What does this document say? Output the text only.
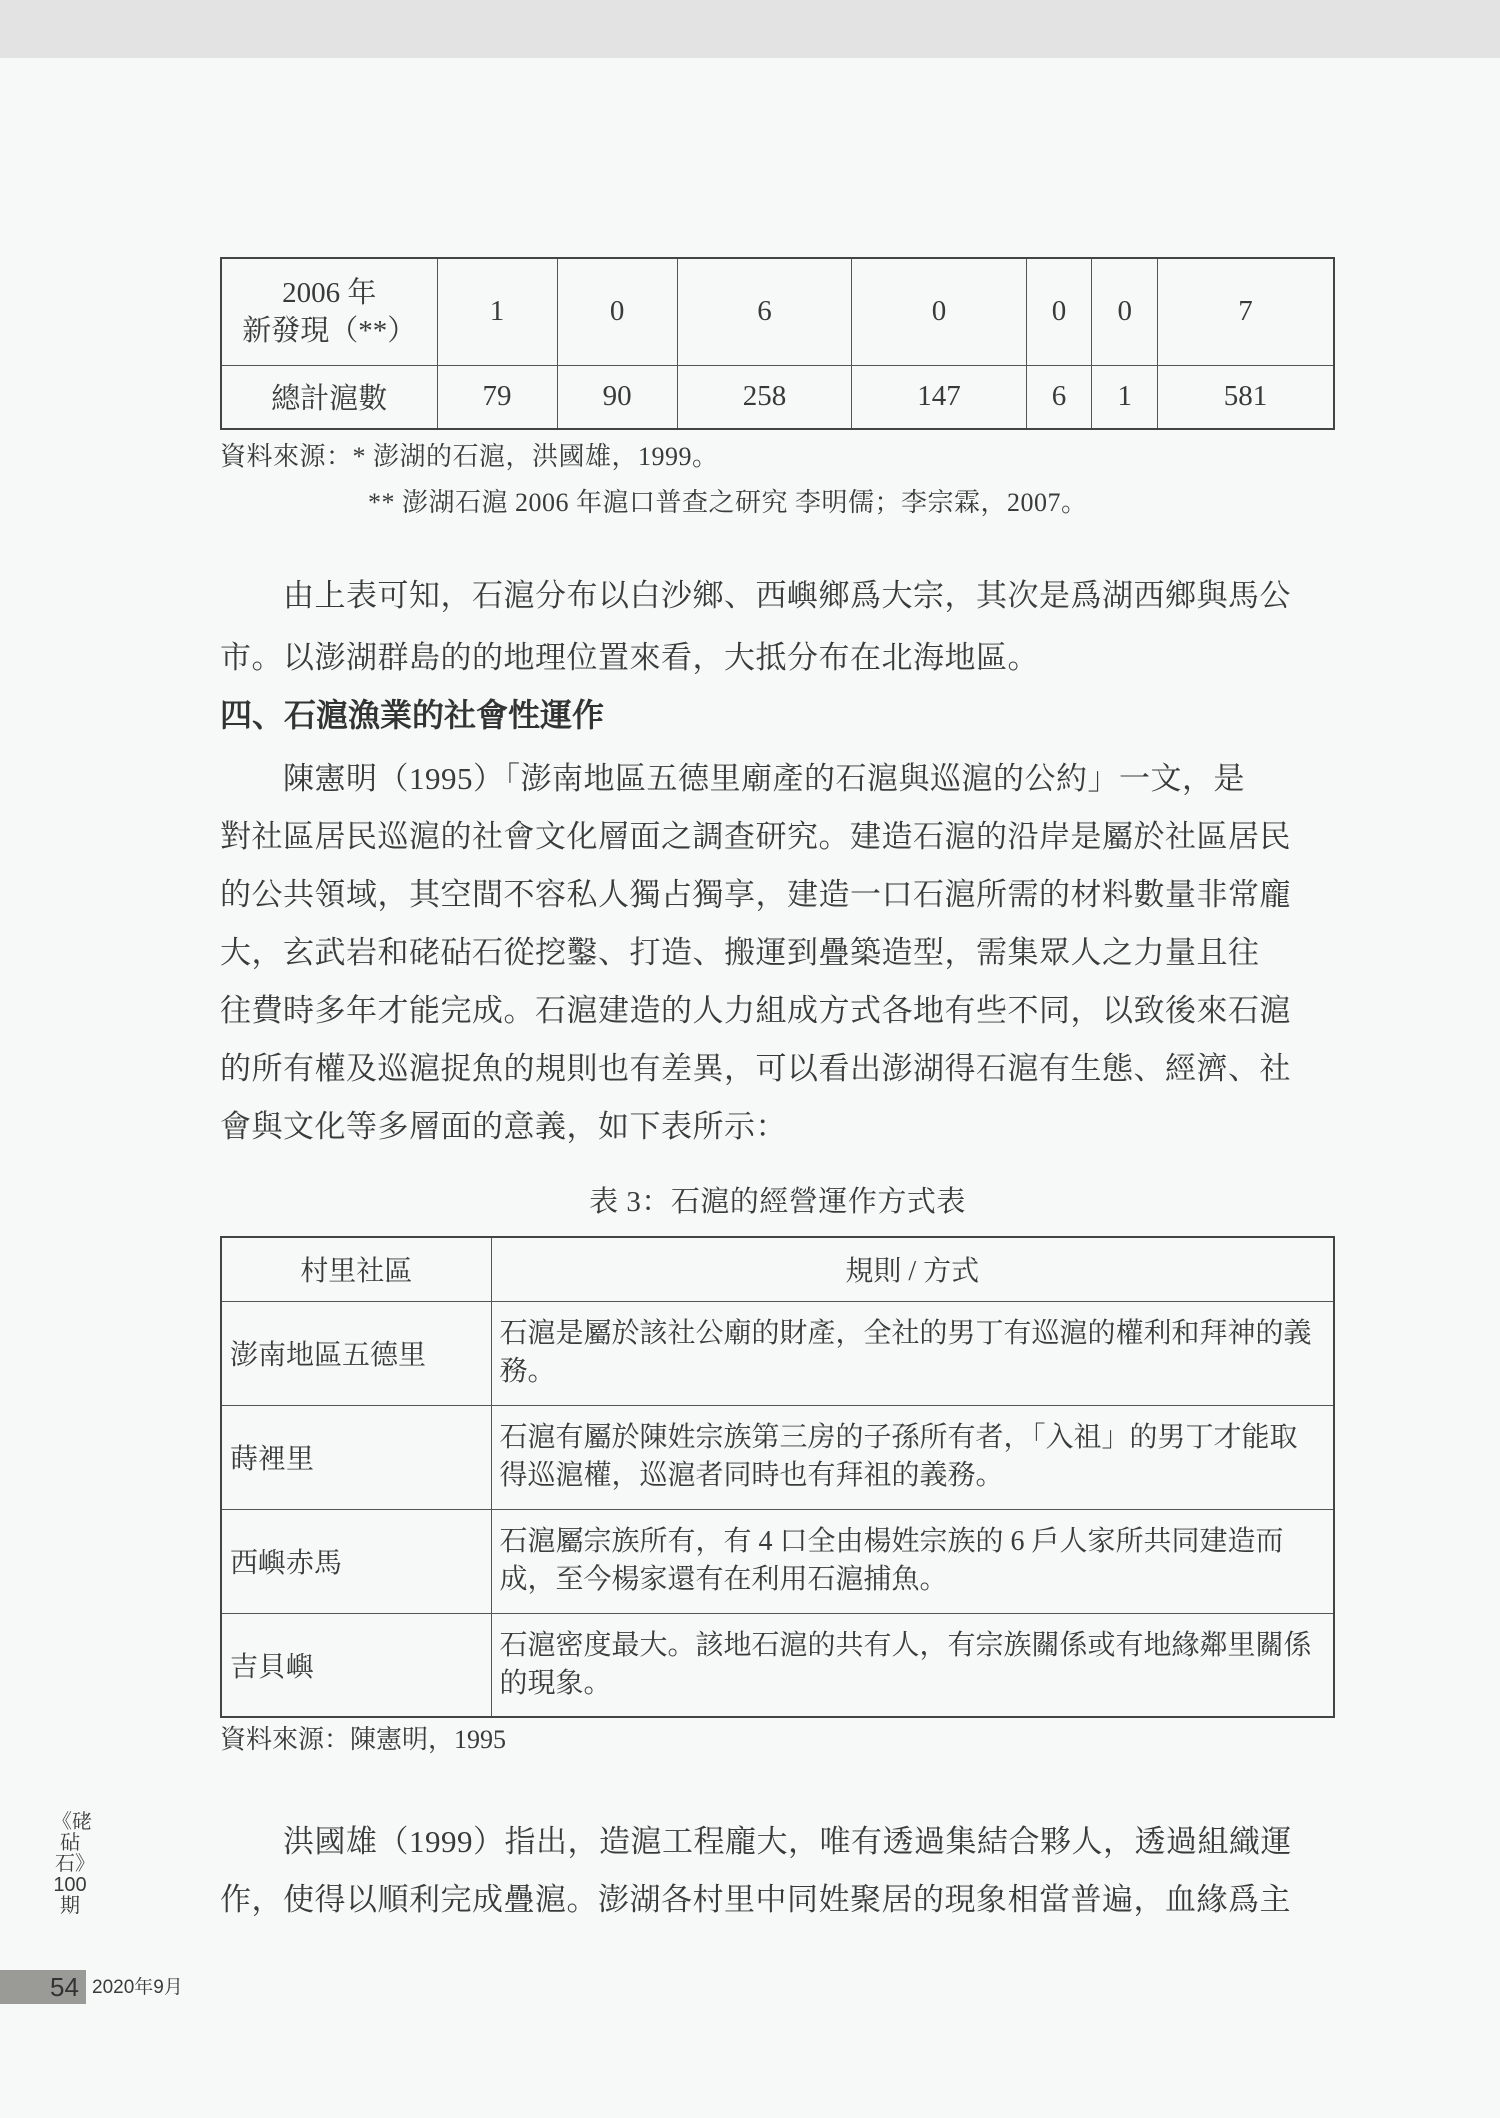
2006 年
新發現（**）	1	0	6	0	0	0	7
總計滬數	79	90	258	147	6	1	581
資料來源：* 澎湖的石滬，洪國雄，1999。
** 澎湖石滬 2006 年滬口普查之研究 李明儒；李宗霖，2007。
由上表可知，石滬分布以白沙鄉、西嶼鄉爲大宗，其次是爲湖西鄉與馬公
市。以澎湖群島的的地理位置來看，大抵分布在北海地區。
四、石滬漁業的社會性運作
陳憲明（1995）「澎南地區五德里廟產的石滬與巡滬的公約」一文，是
對社區居民巡滬的社會文化層面之調查研究。建造石滬的沿岸是屬於社區居民
的公共領域，其空間不容私人獨占獨享，建造一口石滬所需的材料數量非常龐
大，玄武岩和硓砧石從挖鑿、打造、搬運到疊築造型，需集眾人之力量且往
往費時多年才能完成。石滬建造的人力組成方式各地有些不同，以致後來石滬
的所有權及巡滬捉魚的規則也有差異，可以看出澎湖得石滬有生態、經濟、社
會與文化等多層面的意義，如下表所示：
表 3：石滬的經營運作方式表
村里社區	規則 / 方式
澎南地區五德里	石滬是屬於該社公廟的財產，全社的男丁有巡滬的權利和拜神的義務。
蒔裡里	石滬有屬於陳姓宗族第三房的子孫所有者，「入祖」的男丁才能取得巡滬權，巡滬者同時也有拜祖的義務。
西嶼赤馬	石滬屬宗族所有，有 4 口全由楊姓宗族的 6 戶人家所共同建造而成，至今楊家還有在利用石滬捕魚。
吉貝嶼	石滬密度最大。該地石滬的共有人，有宗族關係或有地緣鄰里關係的現象。
資料來源：陳憲明，1995
洪國雄（1999）指出，造滬工程龐大，唯有透過集結合夥人，透過組織運
作，使得以順利完成疊滬。澎湖各村里中同姓聚居的現象相當普遍，血緣爲主
《硓砧石》100期
54 2020年9月
